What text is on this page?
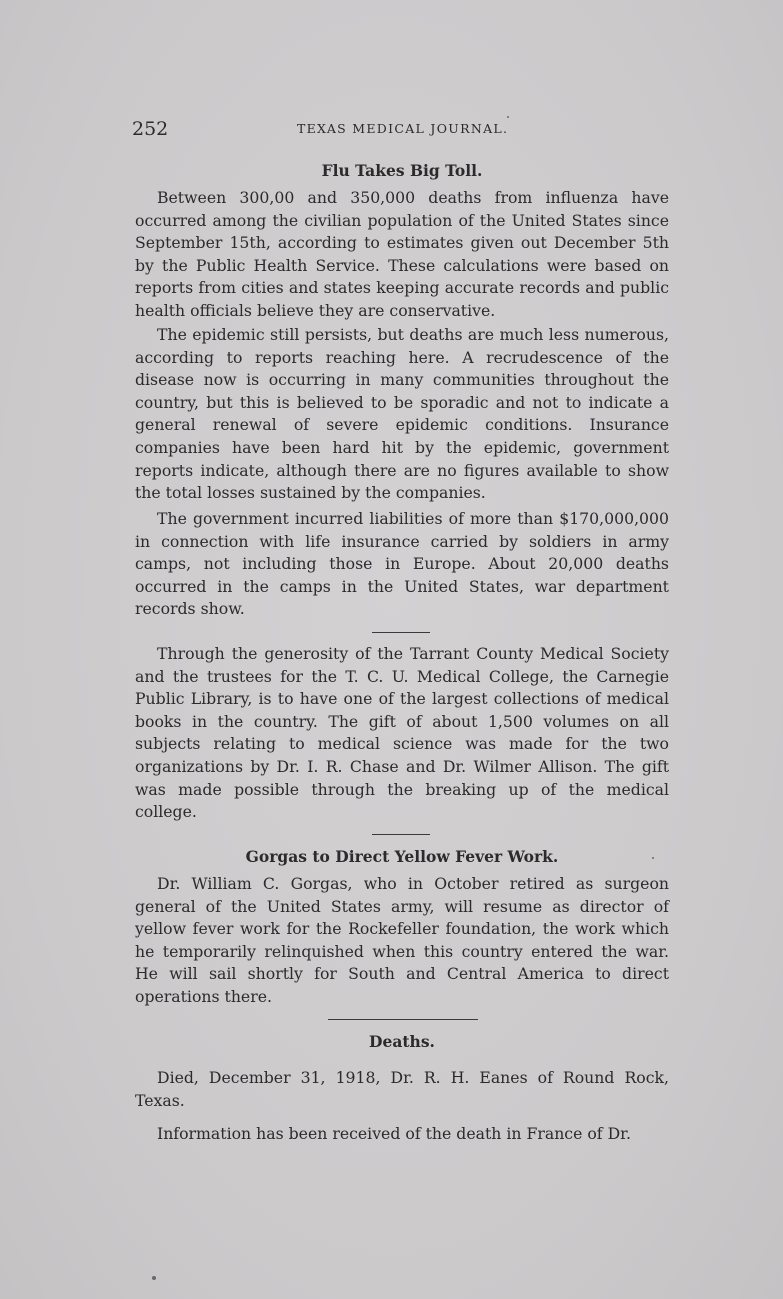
252	TEXAS MEDICAL JOURNAL.
Flu Takes Big Toll.

Between 300,00 and 350,000 deaths from influenza have occurred among the civilian population of the United States since September 15th, according to estimates given out December 5th by the Public Health Service. These calculations were based on reports from cities and states keeping accurate records and public health officials believe they are conservative.

The epidemic still persists, but deaths are much less numerous, according to reports reaching here. A recrudescence of the disease now is occurring in many communities throughout the country, but this is believed to be sporadic and not to indicate a general renewal of severe epidemic conditions. Insurance companies have been hard hit by the epidemic, government reports indicate, although there are no figures available to show the total losses sustained by the companies.

The government incurred liabilities of more than $170,000,000 in connection with life insurance carried by soldiers in army camps, not including those in Europe. About 20,000 deaths occurred in the camps in the United States, war department records show.

Through the generosity of the Tarrant County Medical Society and the trustees for the T. C. U. Medical College, the Carnegie Public Library, is to have one of the largest collections of medical books in the country. The gift of about 1,500 volumes on all subjects relating to medical science was made for the two organizations by Dr. I. R. Chase and Dr. Wilmer Allison. The gift was made possible through the breaking up of the medical college.

Gorgas to Direct Yellow Fever Work.

Dr. William C. Gorgas, who in October retired as surgeon general of the United States army, will resume as director of yellow fever work for the Rockefeller foundation, the work which he temporarily relinquished when this country entered the war. He will sail shortly for South and Central America to direct operations there.

Deaths.

Died, December 31, 1918, Dr. R. H. Eanes of Round Rock, Texas.

Information has been received of the death in France of Dr.
